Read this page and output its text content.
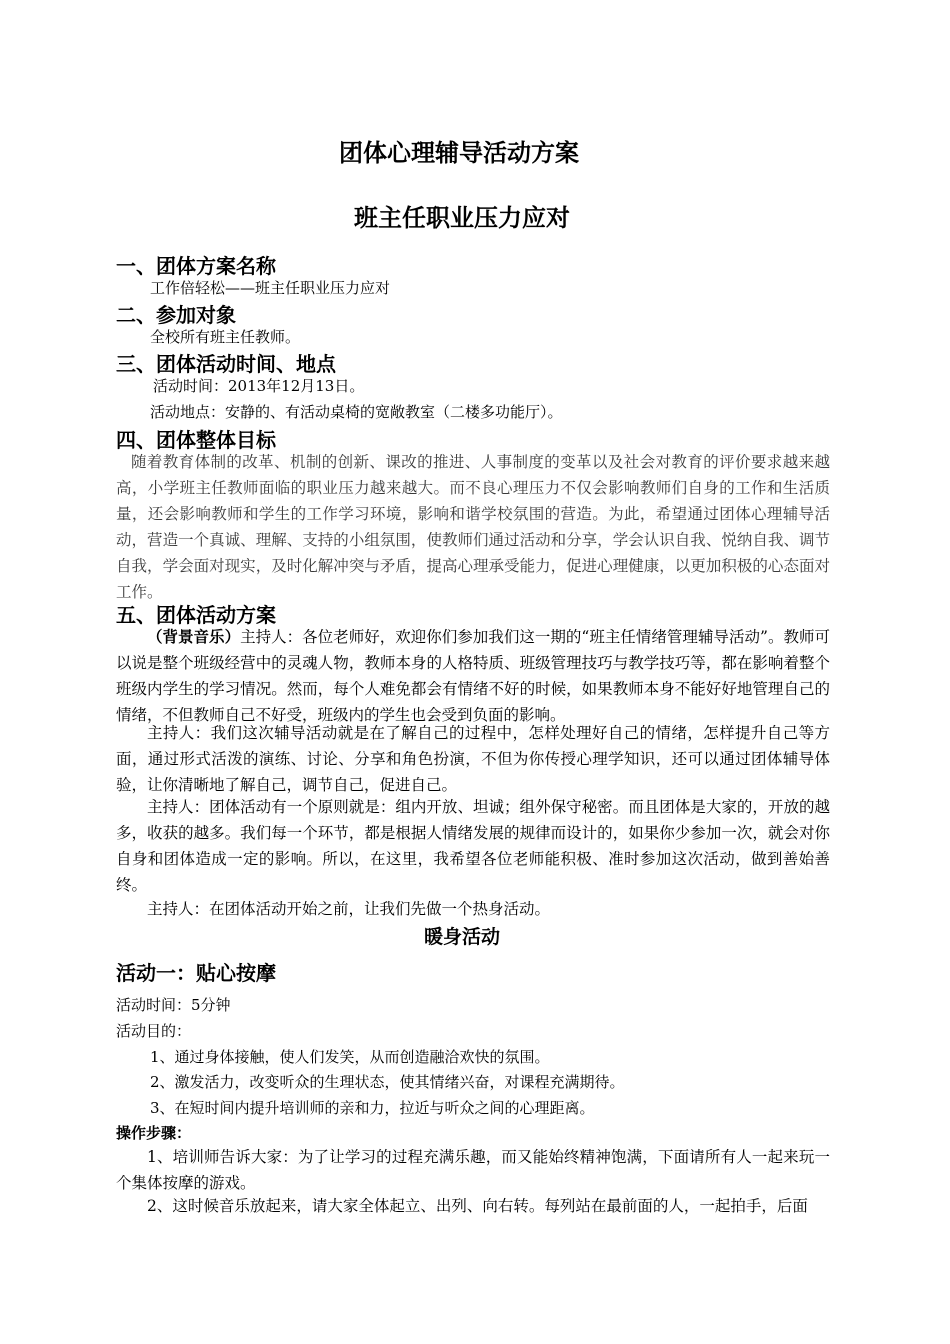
团体心理辅导活动方案
班主任职业压力应对
一、团体方案名称
工作倍轻松——班主任职业压力应对
二、参加对象
全校所有班主任教师。
三、团体活动时间、地点
活动时间：2013年12月13日。
活动地点：安静的、有活动桌椅的宽敞教室（二楼多功能厅）。
四、团体整体目标
随着教育体制的改革、机制的创新、课改的推进、人事制度的变革以及社会对教育的评价要求越来越高，小学班主任教师面临的职业压力越来越大。而不良心理压力不仅会影响教师们自身的工作和生活质量，还会影响教师和学生的工作学习环境，影响和谐学校氛围的营造。为此，希望通过团体心理辅导活动，营造一个真诚、理解、支持的小组氛围，使教师们通过活动和分享，学会认识自我、悦纳自我、调节自我，学会面对现实，及时化解冲突与矛盾，提高心理承受能力，促进心理健康，以更加积极的心态面对工作。
五、团体活动方案
（背景音乐）主持人：各位老师好，欢迎你们参加我们这一期的“班主任情绪管理辅导活动”。教师可以说是整个班级经营中的灵魂人物，教师本身的人格特质、班级管理技巧与教学技巧等，都在影响着整个班级内学生的学习情况。然而，每个人难免都会有情绪不好的时候，如果教师本身不能好好地管理自己的情绪，不但教师自己不好受，班级内的学生也会受到负面的影响。
主持人：我们这次辅导活动就是在了解自己的过程中，怎样处理好自己的情绪，怎样提升自己等方面，通过形式活泼的演练、讨论、分享和角色扮演，不但为你传授心理学知识，还可以通过团体辅导体验，让你清晰地了解自己，调节自己，促进自己。
主持人：团体活动有一个原则就是：组内开放、坦诚；组外保守秘密。而且团体是大家的，开放的越多，收获的越多。我们每一个环节，都是根据人情绪发展的规律而设计的，如果你少参加一次，就会对你自身和团体造成一定的影响。所以，在这里，我希望各位老师能积极、准时参加这次活动，做到善始善终。
主持人：在团体活动开始之前，让我们先做一个热身活动。
暖身活动
活动一：贴心按摩
活动时间：5分钟
活动目的：
1、通过身体接触，使人们发笑，从而创造融洽欢快的氛围。
2、激发活力，改变听众的生理状态，使其情绪兴奋，对课程充满期待。
3、在短时间内提升培训师的亲和力，拉近与听众之间的心理距离。
操作步骤：
1、培训师告诉大家：为了让学习的过程充满乐趣，而又能始终精神饱满，下面请所有人一起来玩一个集体按摩的游戏。
2、这时候音乐放起来，请大家全体起立、出列、向右转。每列站在最前面的人，一起拍手，后面
